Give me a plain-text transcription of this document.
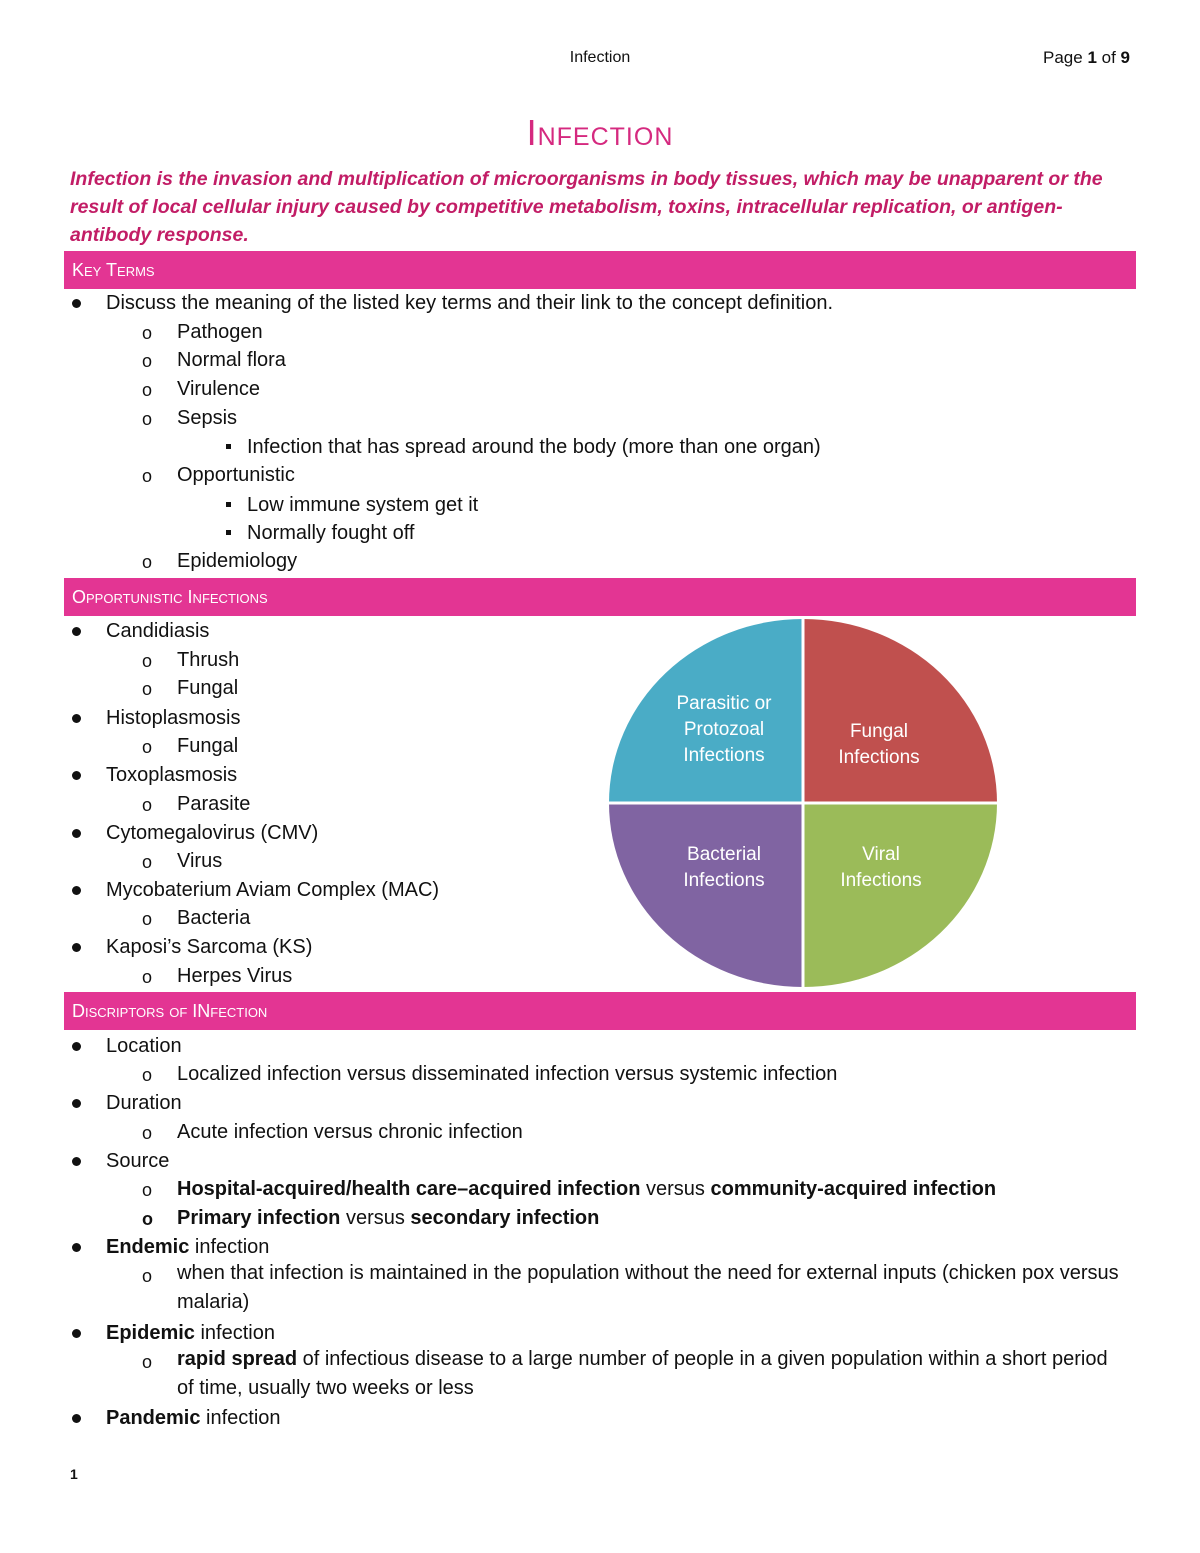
Infection	Page 1 of 9
Infection
Infection is the invasion and multiplication of microorganisms in body tissues, which may be unapparent or the result of local cellular injury caused by competitive metabolism, toxins, intracellular replication, or antigen-antibody response.
Key Terms
Discuss the meaning of the listed key terms and their link to the concept definition.
o Pathogen
o Normal flora
o Virulence
o Sepsis
Infection that has spread around the body (more than one organ)
o Opportunistic
Low immune system get it
Normally fought off
o Epidemiology
Opportunistic Infections
Candidiasis
o Thrush
o Fungal
Histoplasmosis
o Fungal
Toxoplasmosis
o Parasite
Cytomegalovirus (CMV)
o Virus
Mycobaterium Aviam Complex (MAC)
o Bacteria
Kaposi’s Sarcoma (KS)
o Herpes Virus
Parasitic or
Protozoal
Infections
Fungal
Infections
Bacterial
Infections
Viral
Infections
Discriptors of INfection
Location
o Localized infection versus disseminated infection versus systemic infection
Duration
o Acute infection versus chronic infection
Source
o Hospital-acquired/health care–acquired infection versus community-acquired infection
o Primary infection versus secondary infection
Endemic infection
o when that infection is maintained in the population without the need for external inputs (chicken pox versus malaria)
Epidemic infection
o rapid spread of infectious disease to a large number of people in a given population within a short period of time, usually two weeks or less
Pandemic infection
1
